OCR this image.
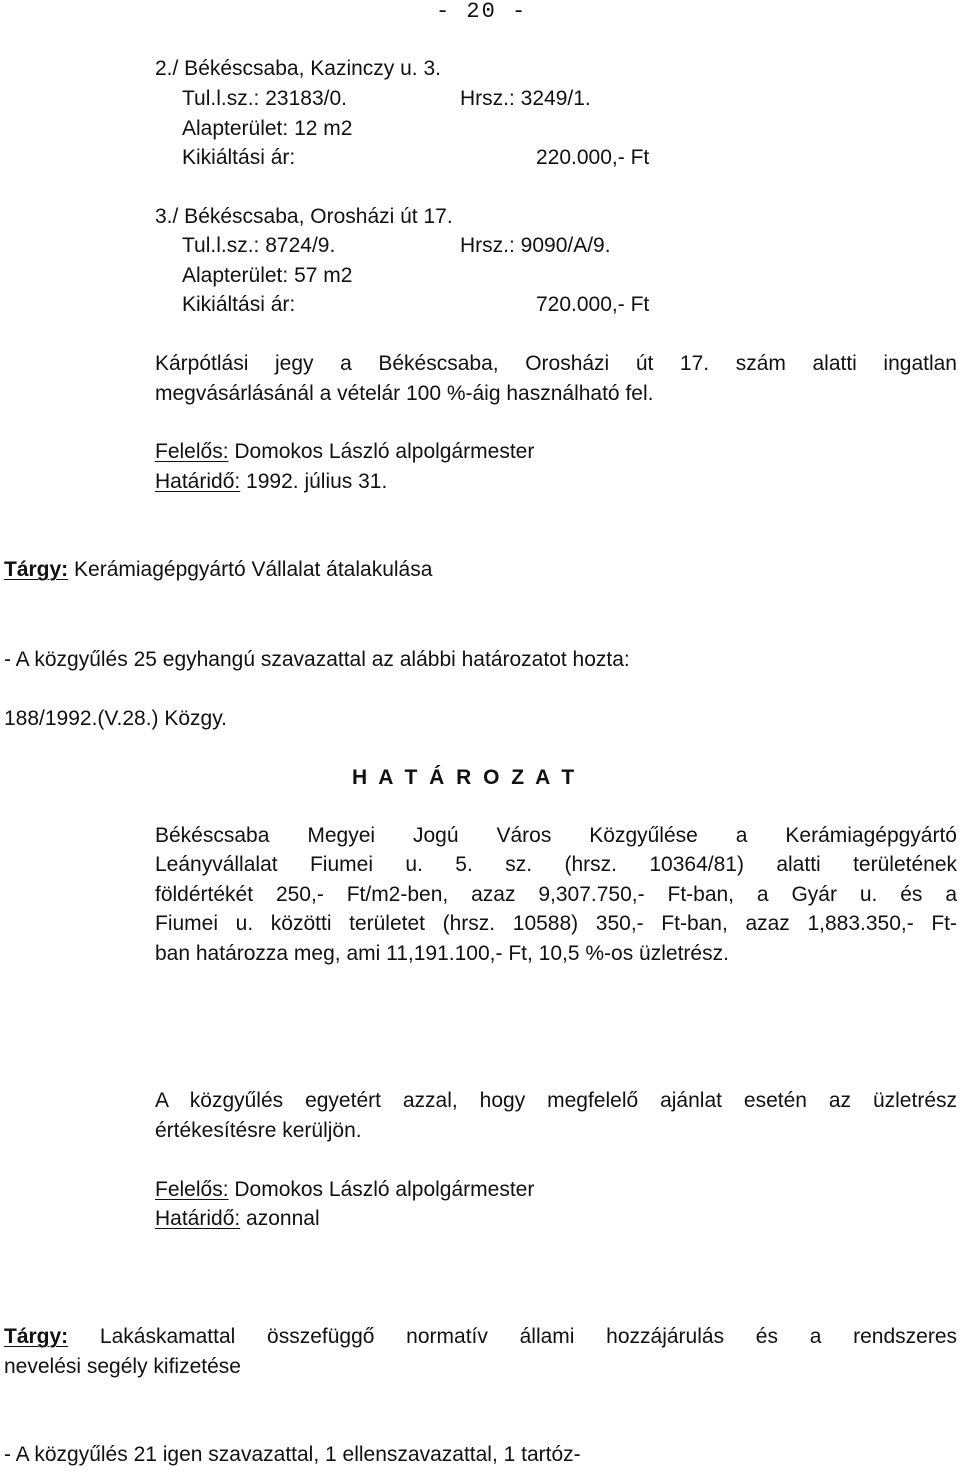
- 20 -
2./ Békéscsaba, Kazinczy u. 3.
Tul.l.sz.: 23183/0.	Hrsz.: 3249/1.
Alapterület: 12 m2
Kikiáltási ár:	220.000,- Ft
3./ Békéscsaba, Orosházi út 17.
Tul.l.sz.: 8724/9.	Hrsz.: 9090/A/9.
Alapterület: 57 m2
Kikiáltási ár:	720.000,- Ft
Kárpótlási jegy a Békéscsaba, Orosházi út 17. szám alatti ingatlan
megvásárlásánál a vételár 100 %-áig használható fel.
Felelős: Domokos László alpolgármester
Határidő: 1992. július 31.
Tárgy: Kerámiagépgyártó Vállalat átalakulása
- A közgyűlés 25 egyhangú szavazattal az alábbi határozatot hozta:
188/1992.(V.28.) Közgy.
H A T Á R O Z A T
Békéscsaba Megyei Jogú Város Közgyűlése a Kerámiagépgyártó
Leányvállalat Fiumei u. 5. sz. (hrsz. 10364/81) alatti területének
földértékét 250,- Ft/m2-ben, azaz 9,307.750,- Ft-ban, a Gyár u. és a
Fiumei u. közötti területet (hrsz. 10588) 350,- Ft-ban, azaz 1,883.350,- Ft-
ban határozza meg, ami 11,191.100,- Ft, 10,5 %-os üzletrész.
A közgyűlés egyetért azzal, hogy megfelelő ajánlat esetén az üzletrész
értékesítésre kerüljön.
Felelős: Domokos László alpolgármester
Határidő: azonnal
Tárgy: Lakáskamattal összefüggő normatív állami hozzájárulás és a rendszeres
nevelési segély kifizetése
- A közgyűlés 21 igen szavazattal, 1 ellenszavazattal, 1 tartóz-
